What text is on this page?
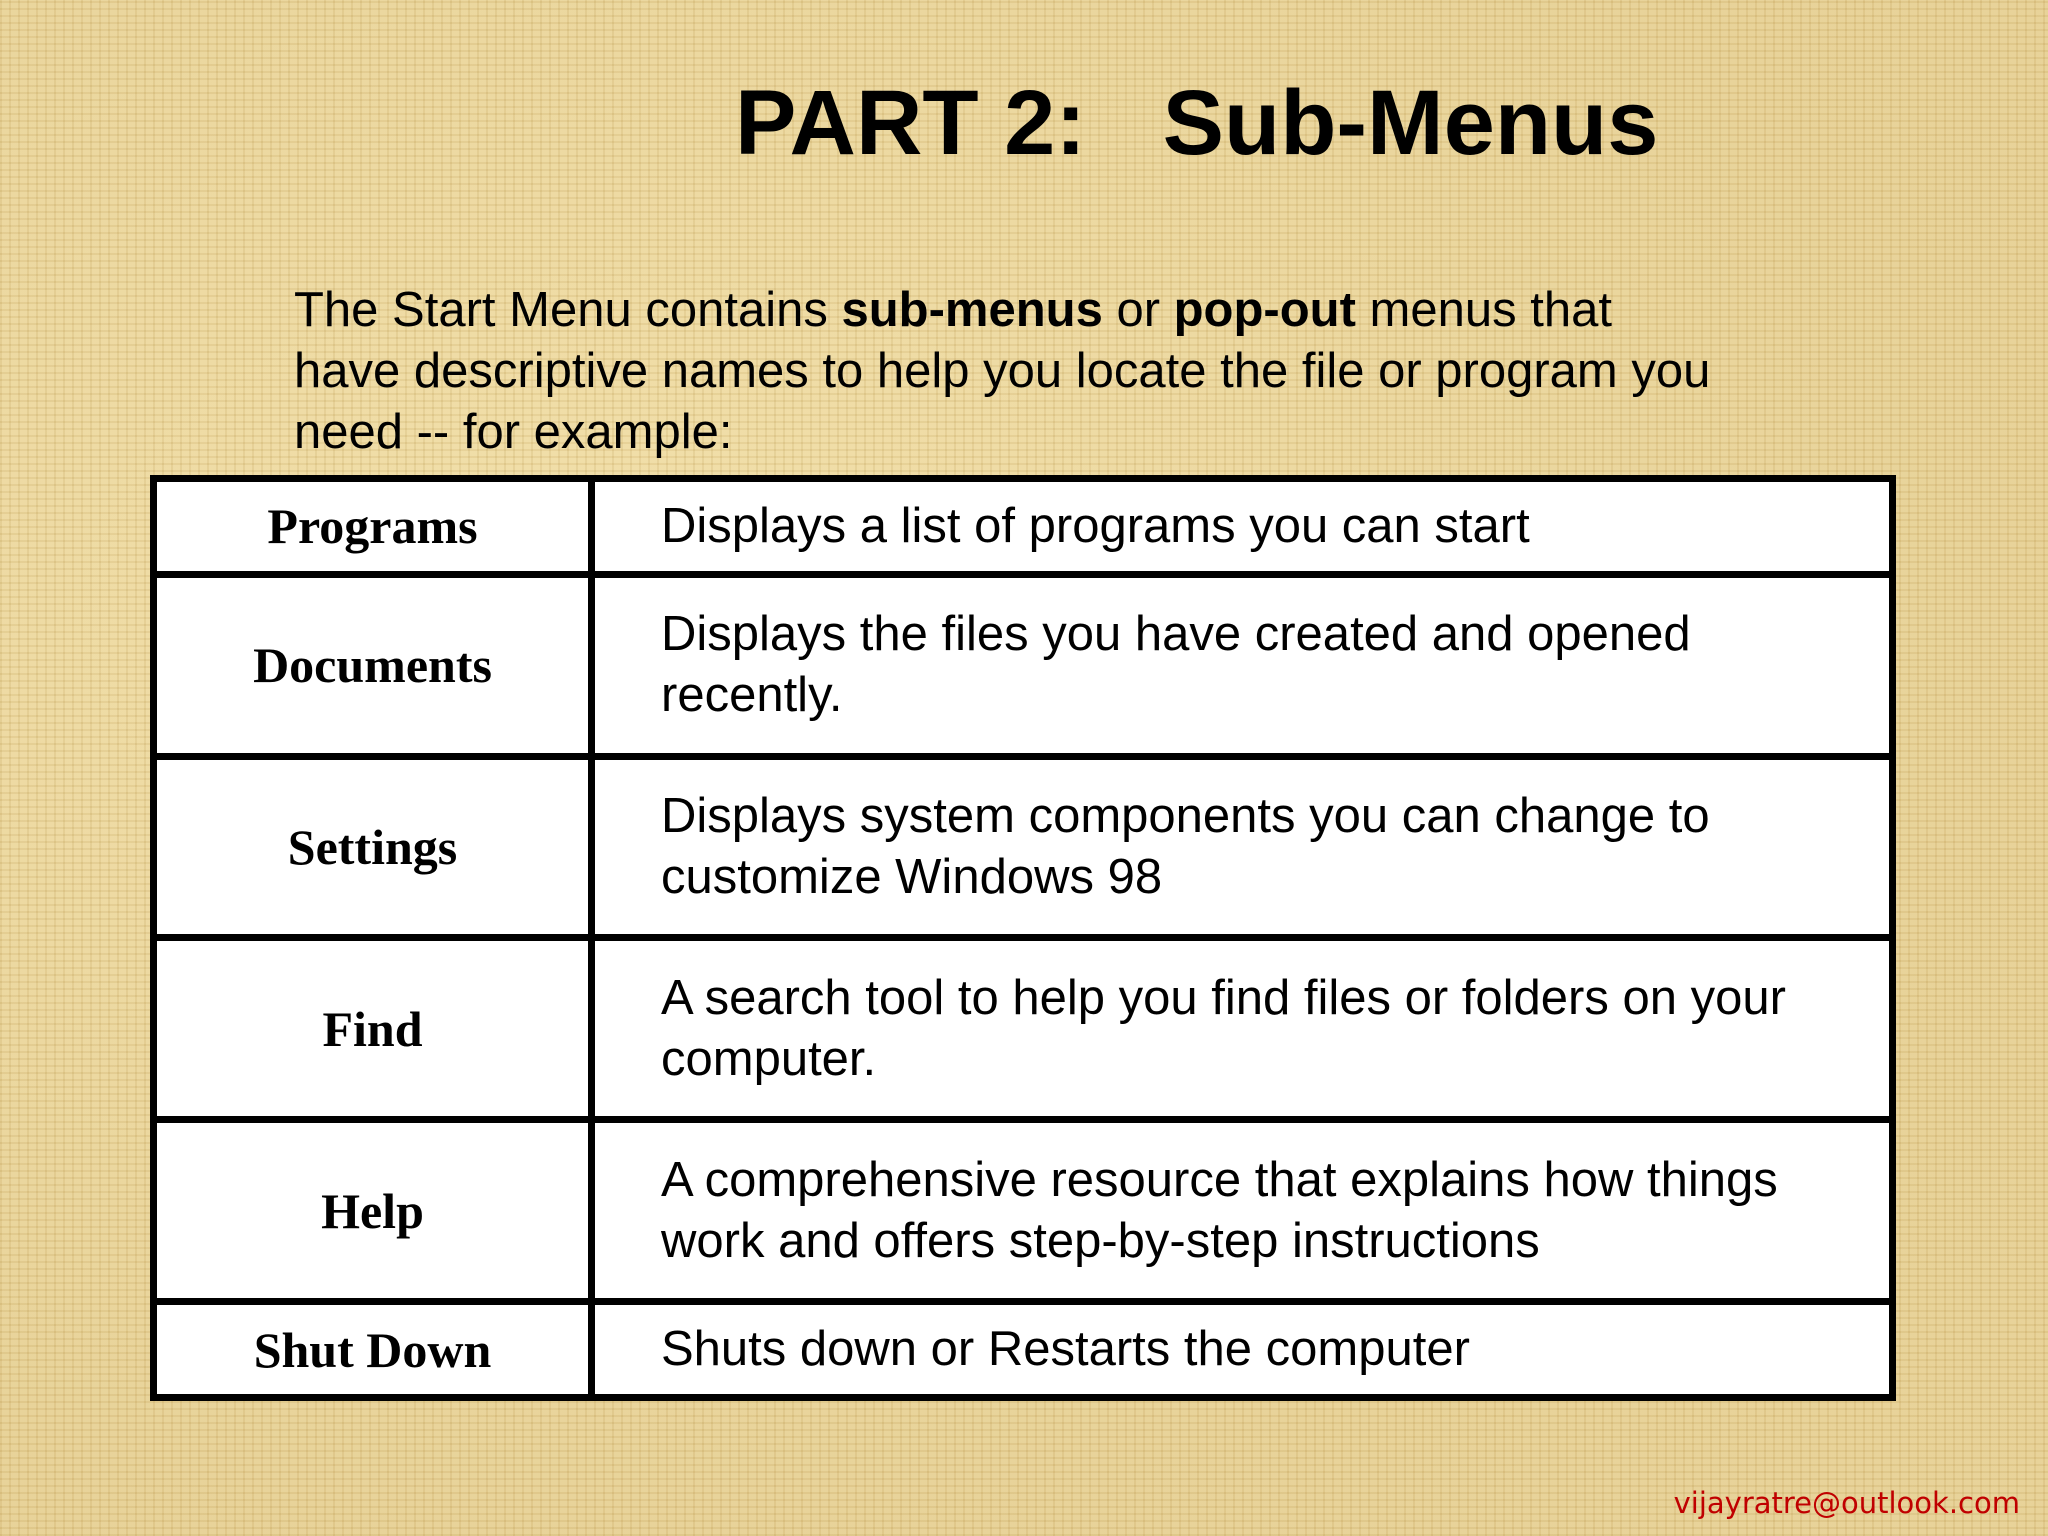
PART 2:   Sub-Menus

The Start Menu contains sub-menus or pop-out menus that have descriptive names to help you locate the file or program you need -- for example:

Programs	Displays a list of programs you can start
Documents	Displays the files you have created and opened recently.
Settings	Displays system components you can change to customize Windows 98
Find	A search tool to help you find files or folders on your computer.
Help	A comprehensive resource that explains how things work and offers step-by-step instructions
Shut Down	Shuts down or Restarts the computer
vijayratre@outlook.com
